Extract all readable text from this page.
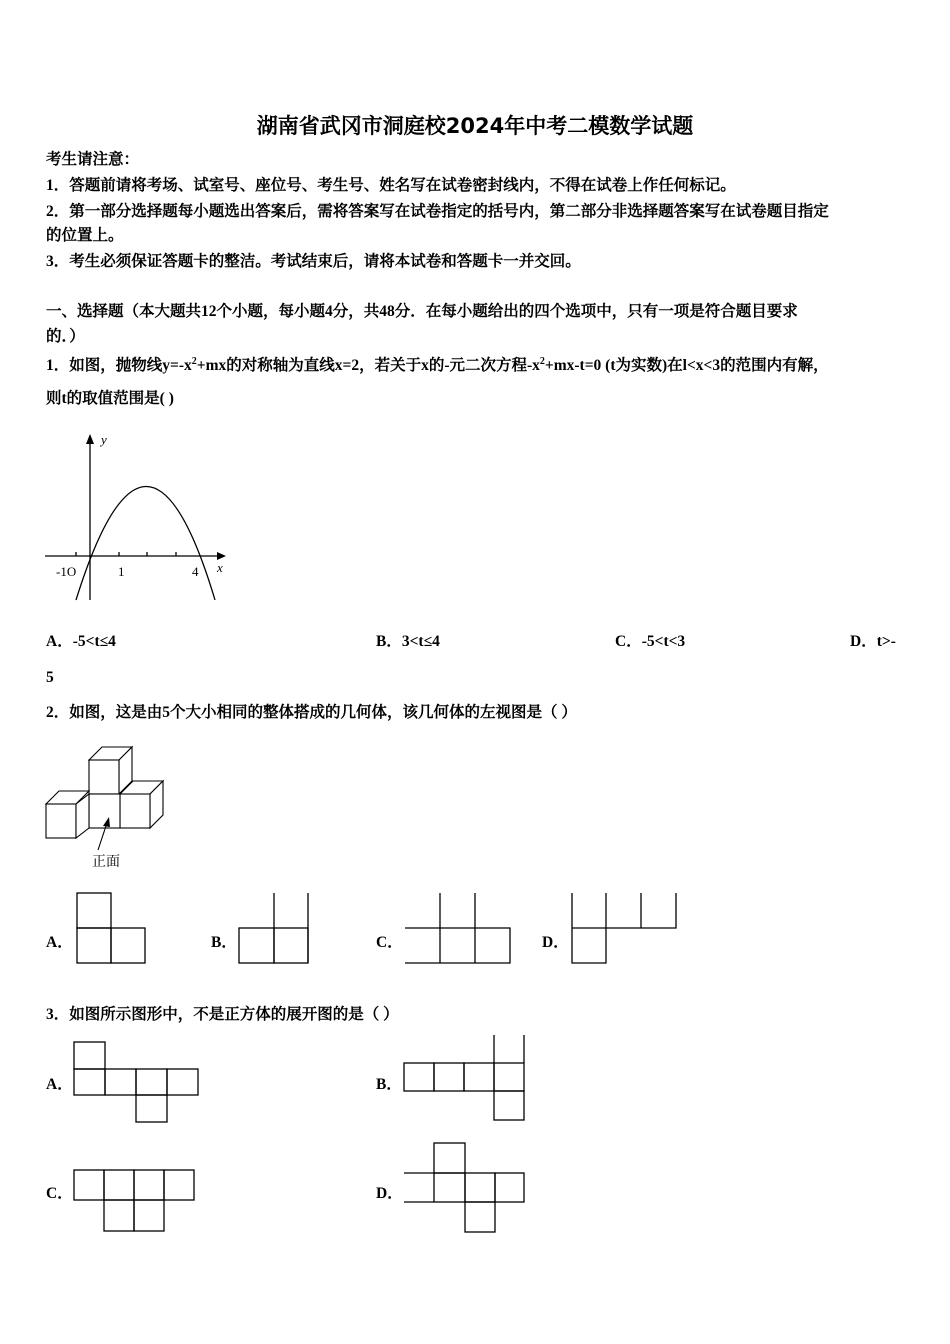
湖南省武冈市洞庭校2024年中考二模数学试题
考生请注意：
1．答题前请将考场、试室号、座位号、考生号、姓名写在试卷密封线内，不得在试卷上作任何标记。
2．第一部分选择题每小题选出答案后，需将答案写在试卷指定的括号内，第二部分非选择题答案写在试卷题目指定
的位置上。
3．考生必须保证答题卡的整洁。考试结束后，请将本试卷和答题卡一并交回。
一、选择题（本大题共12个小题，每小题4分，共48分．在每小题给出的四个选项中，只有一项是符合题目要求
的．）
1．如图，抛物线$y=-x^2+mx$的对称轴为直线x=2，若关于x的-元二次方程$-x^2+mx-t=0$ (t为实数)在l<x<3的范围内有解，
则t的取值范围是( )
y
x
-1O	1	4
A．-5<t≤4	B．3<t≤4	C．-5<t<3	D．t>-
5
2．如图，这是由5个大小相同的整体搭成的几何体，该几何体的左视图是（ ）
正面
A．	B．	C．	D．
3．如图所示图形中，不是正方体的展开图的是（ ）
A．	B．
C．	D．
